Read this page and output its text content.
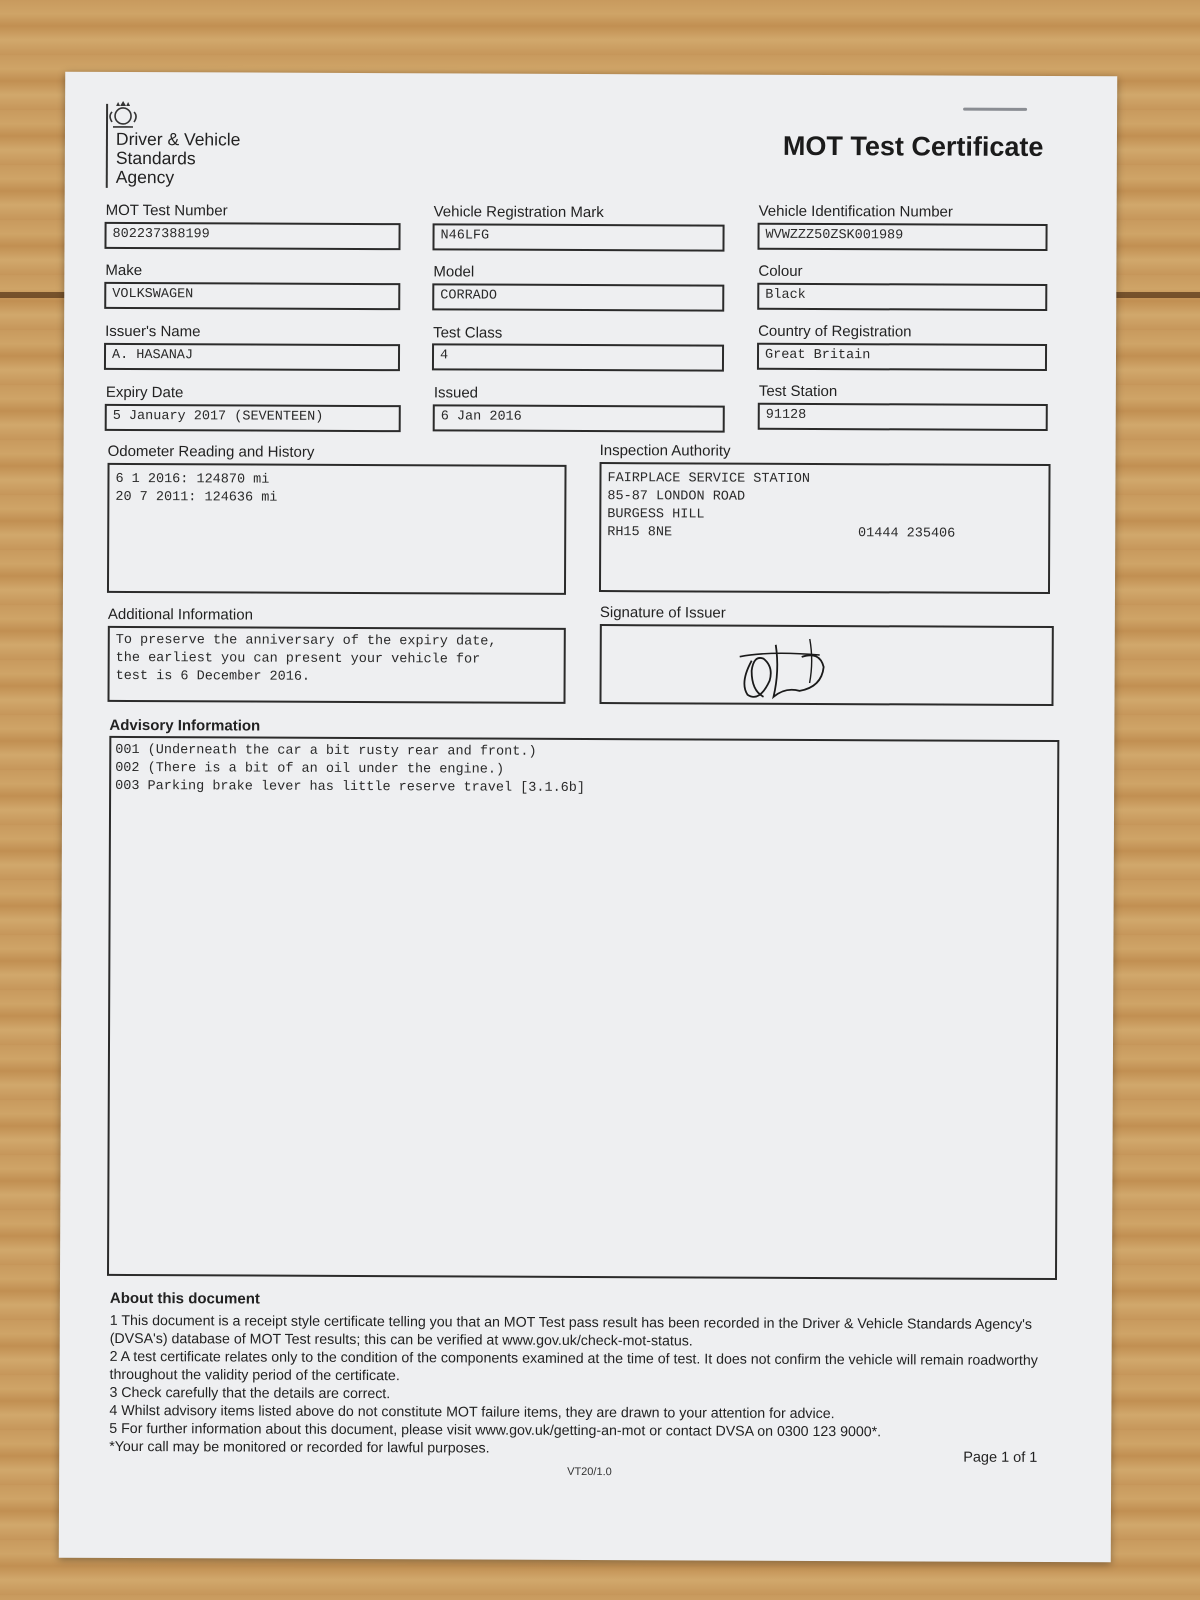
Driver & Vehicle
Standards
Agency
MOT Test Certificate
MOT Test Number
802237388199
Vehicle Registration Mark
N46LFG
Vehicle Identification Number
WVWZZZ50ZSK001989
Make
VOLKSWAGEN
Model
CORRADO
Colour
Black
Issuer's Name
A. HASANAJ
Test Class
4
Country of Registration
Great Britain
Expiry Date
5 January 2017 (SEVENTEEN)
Issued
6 Jan 2016
Test Station
91128
Odometer Reading and History
6 1 2016: 124870 mi
20 7 2011: 124636 mi
Inspection Authority
FAIRPLACE SERVICE STATION
85-87 LONDON ROAD
BURGESS HILL
RH15 8NE	01444 235406
Additional Information
To preserve the anniversary of the expiry date,
the earliest you can present your vehicle for
test is 6 December 2016.
Signature of Issuer
Advisory Information
001 (Underneath the car a bit rusty rear and front.)
002 (There is a bit of an oil under the engine.)
003 Parking brake lever has little reserve travel [3.1.6b]
About this document
1 This document is a receipt style certificate telling you that an MOT Test pass result has been recorded in the Driver & Vehicle Standards Agency's (DVSA's) database of MOT Test results; this can be verified at www.gov.uk/check-mot-status.
2 A test certificate relates only to the condition of the components examined at the time of test. It does not confirm the vehicle will remain roadworthy throughout the validity period of the certificate.
3 Check carefully that the details are correct.
4 Whilst advisory items listed above do not constitute MOT failure items, they are drawn to your attention for advice.
5 For further information about this document, please visit www.gov.uk/getting-an-mot or contact DVSA on 0300 123 9000*.
*Your call may be monitored or recorded for lawful purposes.
Page 1 of 1
VT20/1.0
